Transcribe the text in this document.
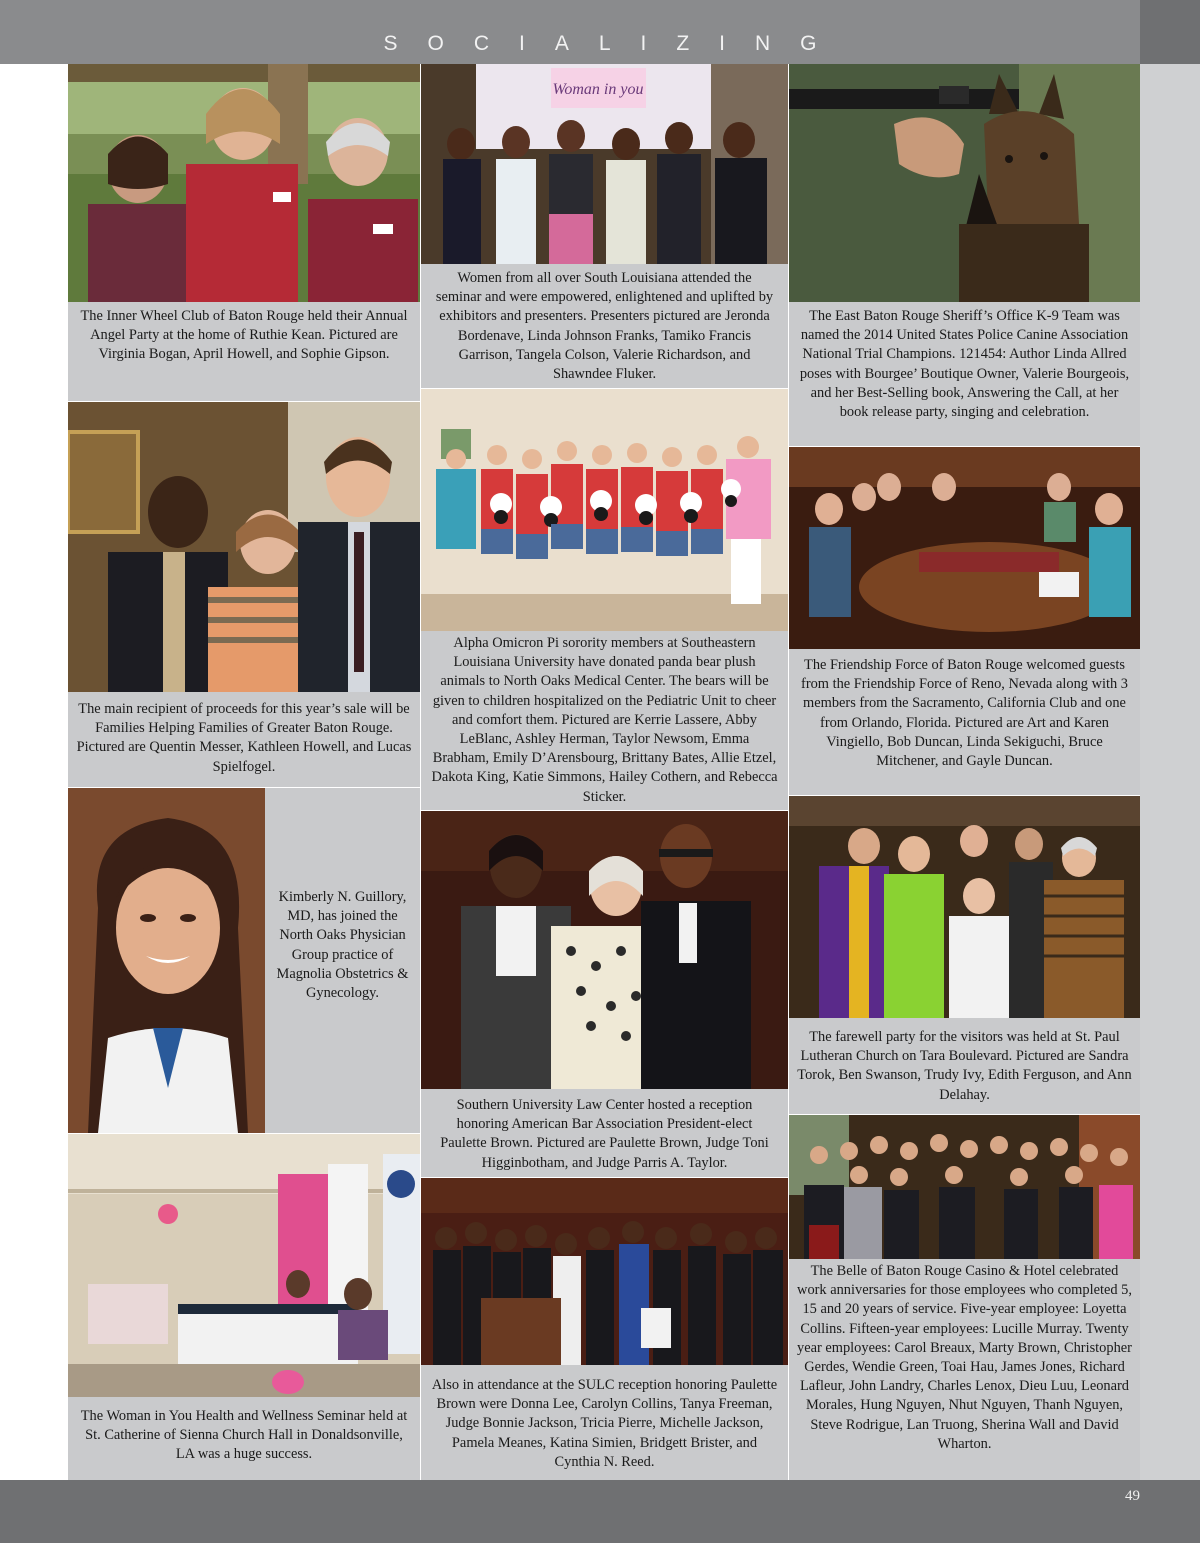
SOCIALIZING
The Inner Wheel Club of Baton Rouge held their Annual Angel Party at the home of Ruthie Kean. Pictured are Virginia Bogan, April Howell, and Sophie Gipson.
The main recipient of proceeds for this year’s sale will be Families Helping Families of Greater Baton Rouge. Pictured are Quentin Messer, Kathleen Howell, and Lucas Spielfogel.
Kimberly N. Guillory, MD, has joined the North Oaks Physician Group practice of Magnolia Obstetrics & Gynecology.
The Woman in You Health and Wellness Seminar held at St. Catherine of Sienna Church Hall in Donaldsonville, LA was a huge success.
Woman in you
Women from all over South Louisiana attended the seminar and were empowered, enlightened and uplifted by exhibitors and presenters. Presenters pictured are Jeronda Bordenave, Linda Johnson Franks, Tamiko Francis Garrison, Tangela Colson, Valerie Richardson, and Shawndee Fluker.
Alpha Omicron Pi sorority members at Southeastern Louisiana University have donated panda bear plush animals to North Oaks Medical Center. The bears will be given to children hospitalized on the Pediatric Unit to cheer and comfort them. Pictured are Kerrie Lassere, Abby LeBlanc, Ashley Herman, Taylor Newsom, Emma Brabham, Emily D’Arensbourg, Brittany Bates, Allie Etzel, Dakota King, Katie Simmons, Hailey Cothern, and Rebecca Sticker.
Southern University Law Center hosted a reception honoring American Bar Association President-elect Paulette Brown. Pictured are Paulette Brown, Judge Toni Higginbotham, and Judge Parris A. Taylor.
Also in attendance at the SULC reception honoring Paulette Brown were Donna Lee, Carolyn Collins, Tanya Freeman, Judge Bonnie Jackson, Tricia Pierre, Michelle Jackson, Pamela Meanes, Katina Simien, Bridgett Brister, and Cynthia N. Reed.
The East Baton Rouge Sheriff’s Office K-9 Team was named the 2014 United States Police Canine Association National Trial Champions. 121454: Author Linda Allred poses with Bourgee’ Boutique Owner, Valerie Bourgeois, and her Best-Selling book, Answering the Call, at her book release party, singing and celebration.
The Friendship Force of Baton Rouge welcomed guests from the Friendship Force of Reno, Nevada along with 3 members from the Sacramento, California Club and one from Orlando, Florida. Pictured are Art and Karen Vingiello, Bob Duncan, Linda Sekiguchi, Bruce Mitchener, and Gayle Duncan.
The farewell party for the visitors was held at St. Paul Lutheran Church on Tara Boulevard. Pictured are Sandra Torok, Ben Swanson, Trudy Ivy, Edith Ferguson, and Ann Delahay.
The Belle of Baton Rouge Casino & Hotel celebrated work anniversaries for those employees who completed 5, 15 and 20 years of service. Five-year employee: Loyetta Collins. Fifteen-year employees: Lucille Murray. Twenty year employees: Carol Breaux, Marty Brown, Christopher Gerdes, Wendie Green, Toai Hau, James Jones, Richard Lafleur, John Landry, Charles Lenox, Dieu Luu, Leonard Morales, Hung Nguyen, Nhut Nguyen, Thanh Nguyen, Steve Rodrigue, Lan Truong, Sherina Wall and David Wharton.
49
